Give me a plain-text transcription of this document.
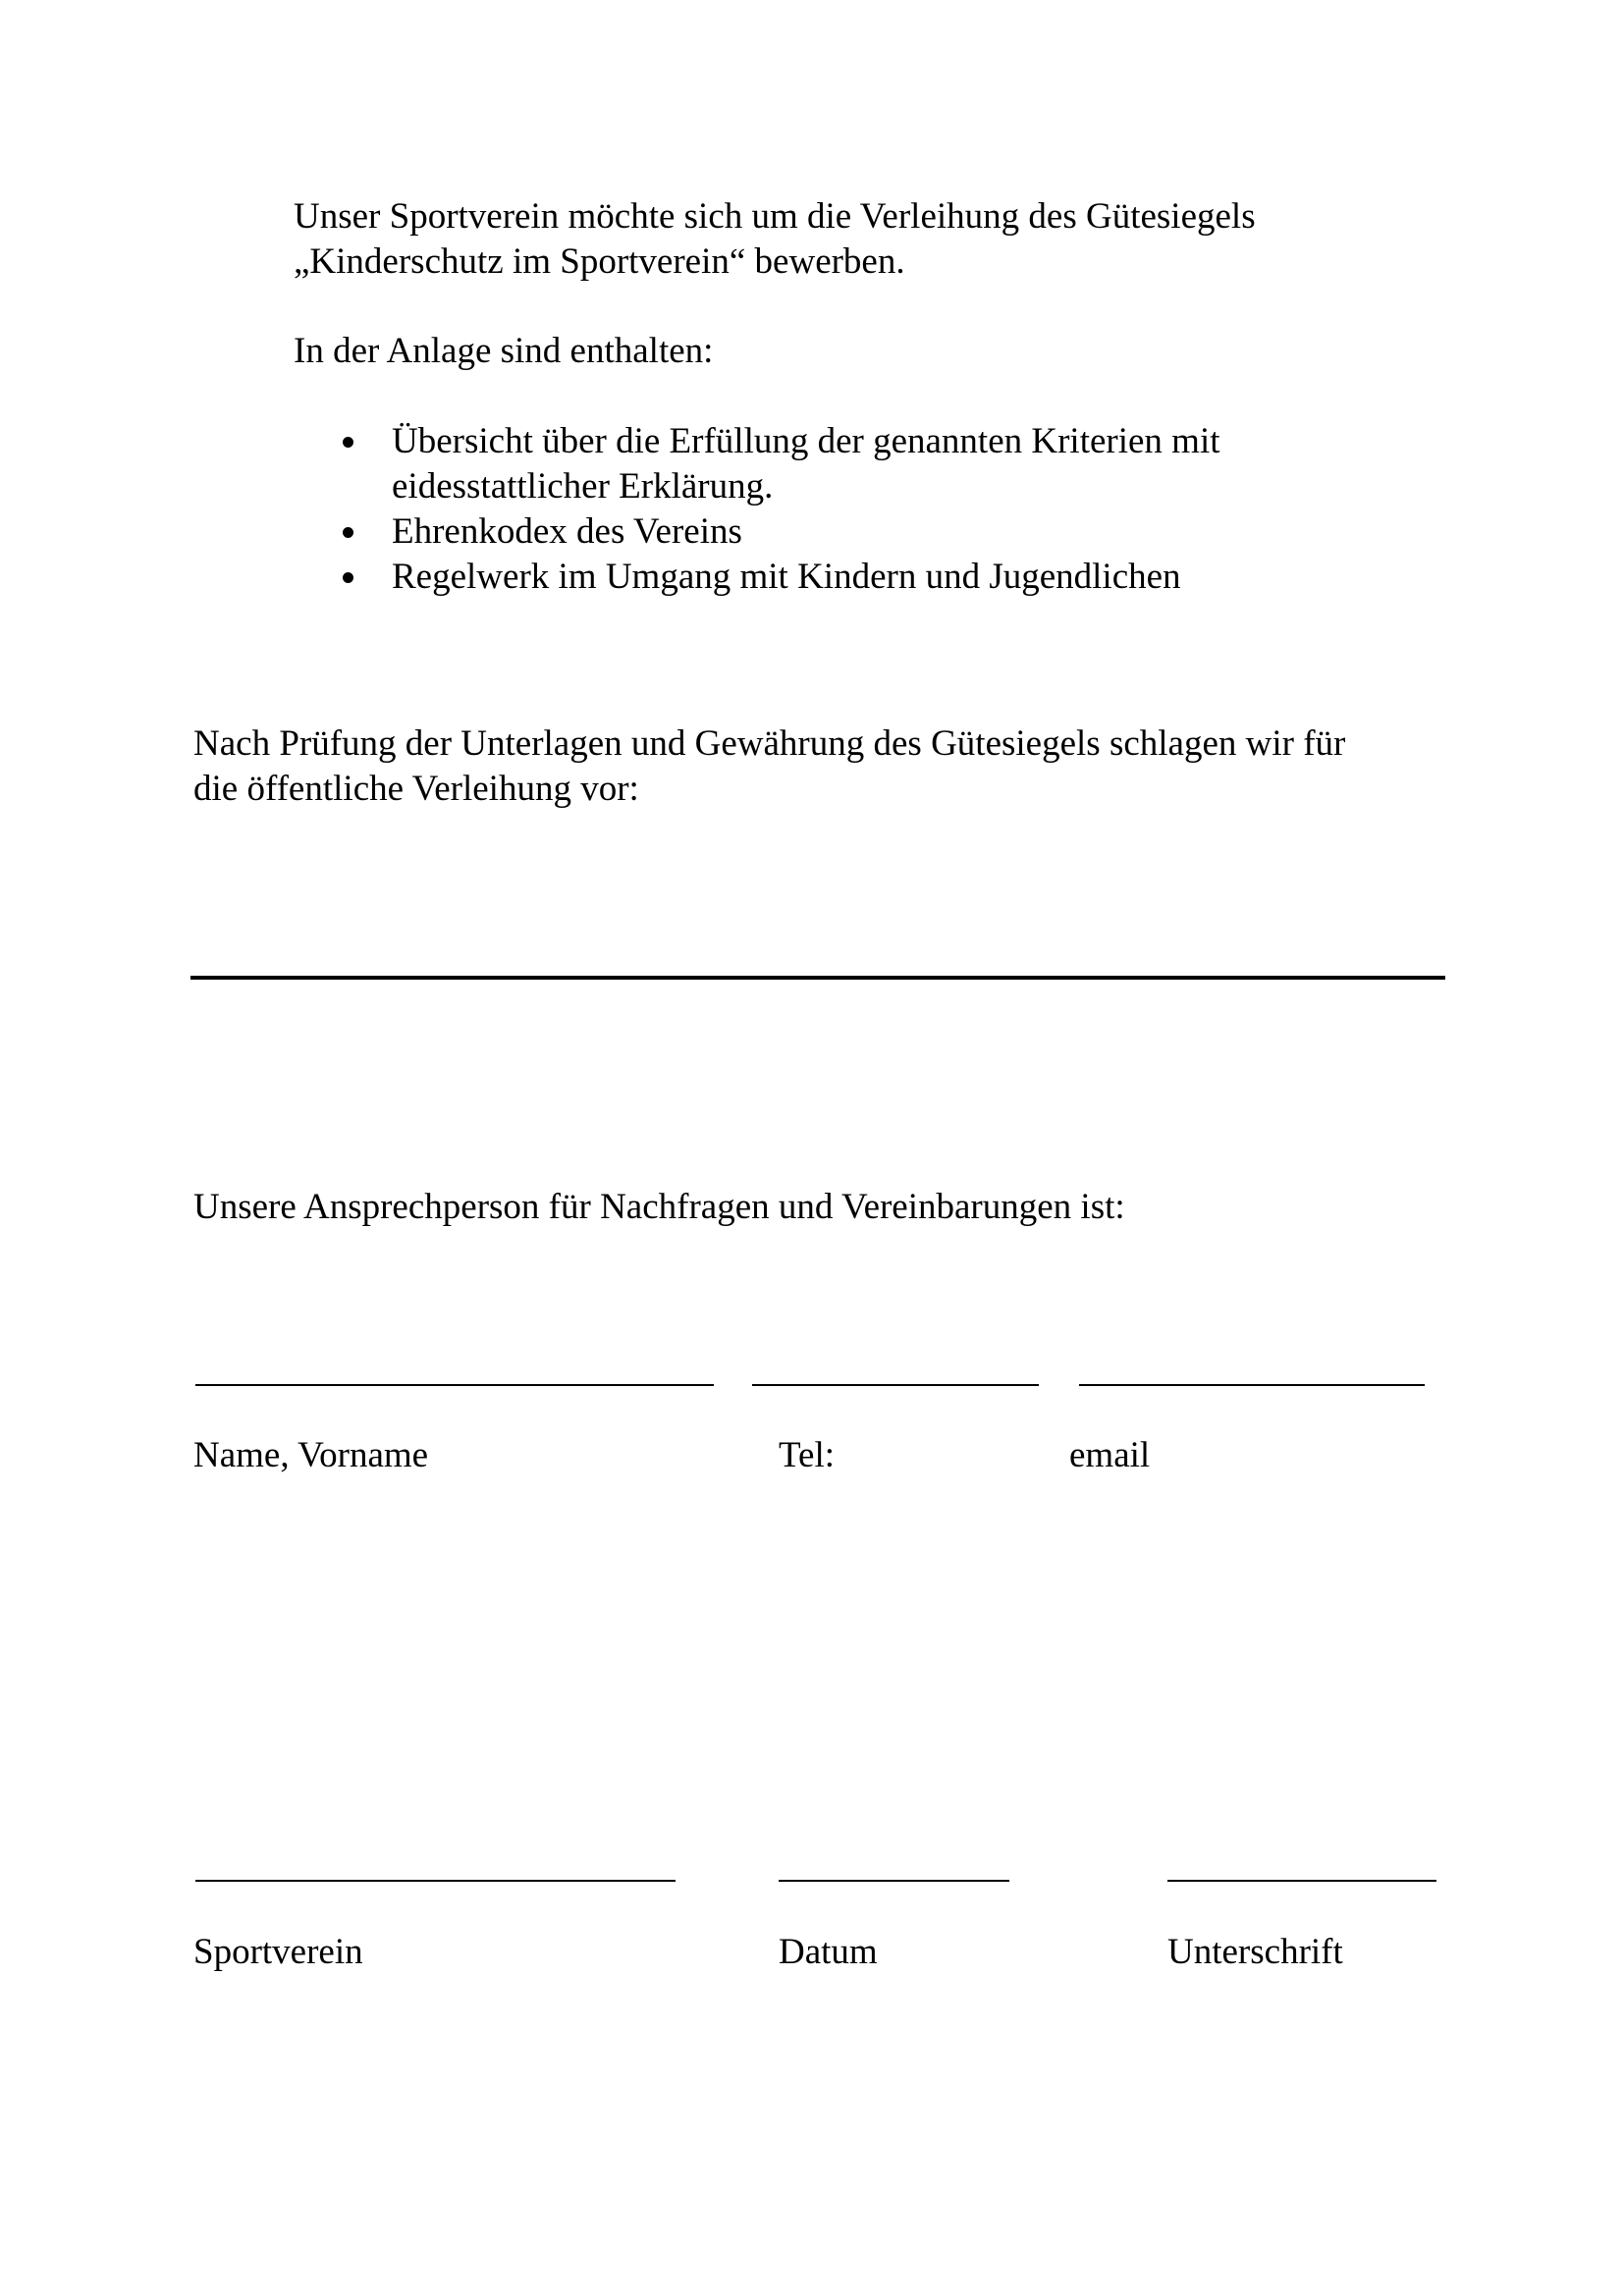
Unser Sportverein möchte sich um die Verleihung des Gütesiegels
„Kinderschutz im Sportverein“ bewerben.

In der Anlage sind enthalten:

Übersicht über die Erfüllung der genannten Kriterien mit
eidesstattlicher Erklärung.
Ehrenkodex des Vereins
Regelwerk im Umgang mit Kindern und Jugendlichen

Nach Prüfung der Unterlagen und Gewährung des Gütesiegels schlagen wir für
die öffentliche Verleihung vor:

Unsere Ansprechperson für Nachfragen und Vereinbarungen ist:

Name, Vorname	Tel:	email
Sportverein	Datum	Unterschrift
